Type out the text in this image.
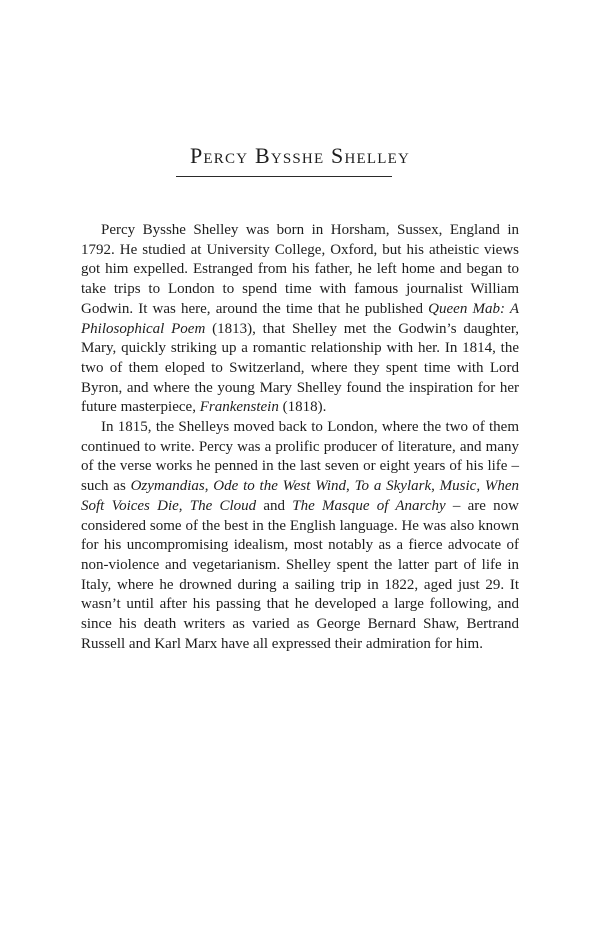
Percy Bysshe Shelley

Percy Bysshe Shelley was born in Horsham, Sussex, England in 1792. He studied at University College, Oxford, but his atheistic views got him expelled. Estranged from his father, he left home and began to take trips to London to spend time with famous journalist William Godwin. It was here, around the time that he published Queen Mab: A Philosophical Poem (1813), that Shelley met the Godwin’s daughter, Mary, quickly striking up a romantic relationship with her. In 1814, the two of them eloped to Switzerland, where they spent time with Lord Byron, and where the young Mary Shelley found the inspiration for her future masterpiece, Frankenstein (1818).

In 1815, the Shelleys moved back to London, where the two of them continued to write. Percy was a prolific producer of literature, and many of the verse works he penned in the last seven or eight years of his life – such as Ozymandias, Ode to the West Wind, To a Skylark, Music, When Soft Voices Die, The Cloud and The Masque of Anarchy – are now considered some of the best in the English language. He was also known for his uncompromising idealism, most notably as a fierce advocate of non-violence and vegetarianism. Shelley spent the latter part of life in Italy, where he drowned during a sailing trip in 1822, aged just 29. It wasn’t until after his passing that he developed a large following, and since his death writers as varied as George Bernard Shaw, Bertrand Russell and Karl Marx have all expressed their admiration for him.
